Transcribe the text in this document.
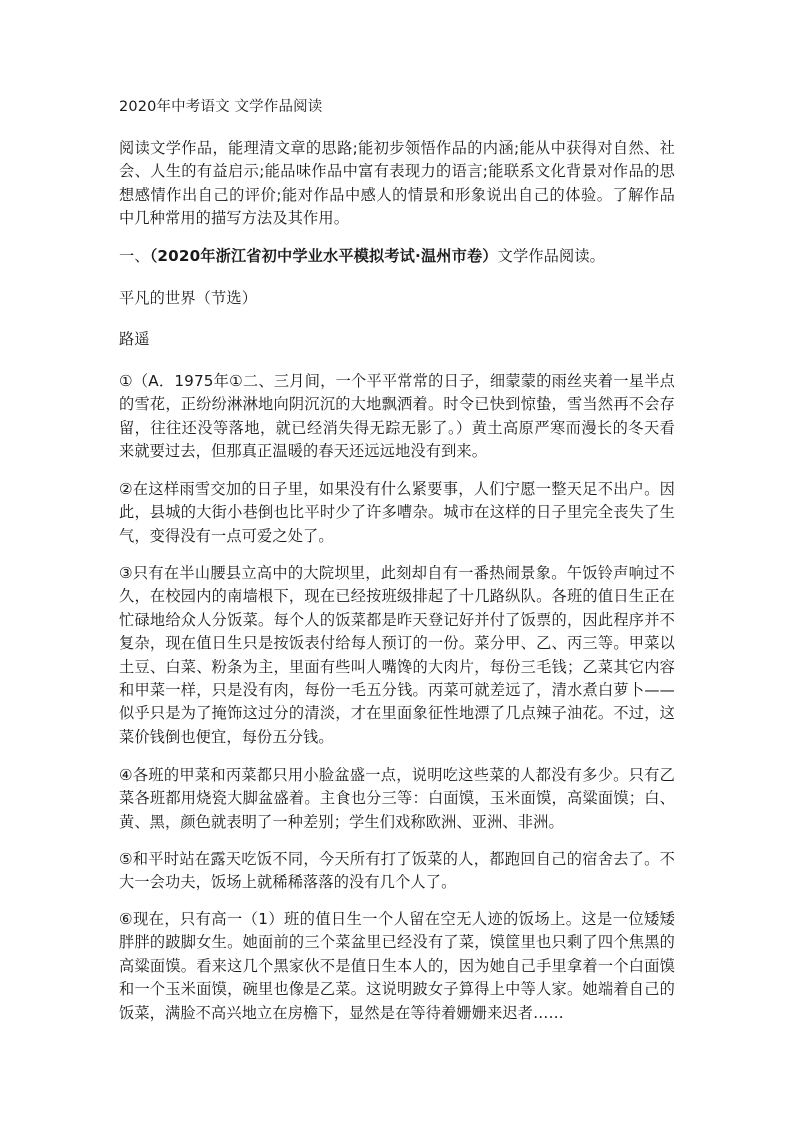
2020年中考语文 文学作品阅读

阅读文学作品，能理清文章的思路;能初步领悟作品的内涵;能从中获得对自然、社会、人生的有益启示;能品味作品中富有表现力的语言;能联系文化背景对作品的思想感情作出自己的评价;能对作品中感人的情景和形象说出自己的体验。了解作品中几种常用的描写方法及其作用。

一、（2020年浙江省初中学业水平模拟考试·温州市卷）文学作品阅读。

平凡的世界（节选）

路遥

①（A．1975年①二、三月间，一个平平常常的日子，细蒙蒙的雨丝夹着一星半点的雪花，正纷纷淋淋地向阴沉沉的大地飘洒着。时令已快到惊蛰，雪当然再不会存留，往往还没等落地，就已经消失得无踪无影了。）黄土高原严寒而漫长的冬天看来就要过去，但那真正温暖的春天还远远地没有到来。

②在这样雨雪交加的日子里，如果没有什么紧要事，人们宁愿一整天足不出户。因此，县城的大街小巷倒也比平时少了许多嘈杂。城市在这样的日子里完全丧失了生气，变得没有一点可爱之处了。

③只有在半山腰县立高中的大院坝里，此刻却自有一番热闹景象。午饭铃声响过不久，在校园内的南墙根下，现在已经按班级排起了十几路纵队。各班的值日生正在忙碌地给众人分饭菜。每个人的饭菜都是昨天登记好并付了饭票的，因此程序并不复杂，现在值日生只是按饭表付给每人预订的一份。菜分甲、乙、丙三等。甲菜以土豆、白菜、粉条为主，里面有些叫人嘴馋的大肉片，每份三毛钱；乙菜其它内容和甲菜一样，只是没有肉，每份一毛五分钱。丙菜可就差远了，清水煮白萝卜——似乎只是为了掩饰这过分的清淡，才在里面象征性地漂了几点辣子油花。不过，这菜价钱倒也便宜，每份五分钱。

④各班的甲菜和丙菜都只用小脸盆盛一点，说明吃这些菜的人都没有多少。只有乙菜各班都用烧瓷大脚盆盛着。主食也分三等：白面馍，玉米面馍，高粱面馍；白、黄、黑，颜色就表明了一种差别；学生们戏称欧洲、亚洲、非洲。

⑤和平时站在露天吃饭不同，今天所有打了饭菜的人，都跑回自己的宿舍去了。不大一会功夫，饭场上就稀稀落落的没有几个人了。

⑥现在，只有高一（1）班的值日生一个人留在空无人迹的饭场上。这是一位矮矮胖胖的跛脚女生。她面前的三个菜盆里已经没有了菜，馍筐里也只剩了四个焦黑的高粱面馍。看来这几个黑家伙不是值日生本人的，因为她自己手里拿着一个白面馍和一个玉米面馍，碗里也像是乙菜。这说明跛女子算得上中等人家。她端着自己的饭菜，满脸不高兴地立在房檐下，显然是在等待着姗姗来迟者……
